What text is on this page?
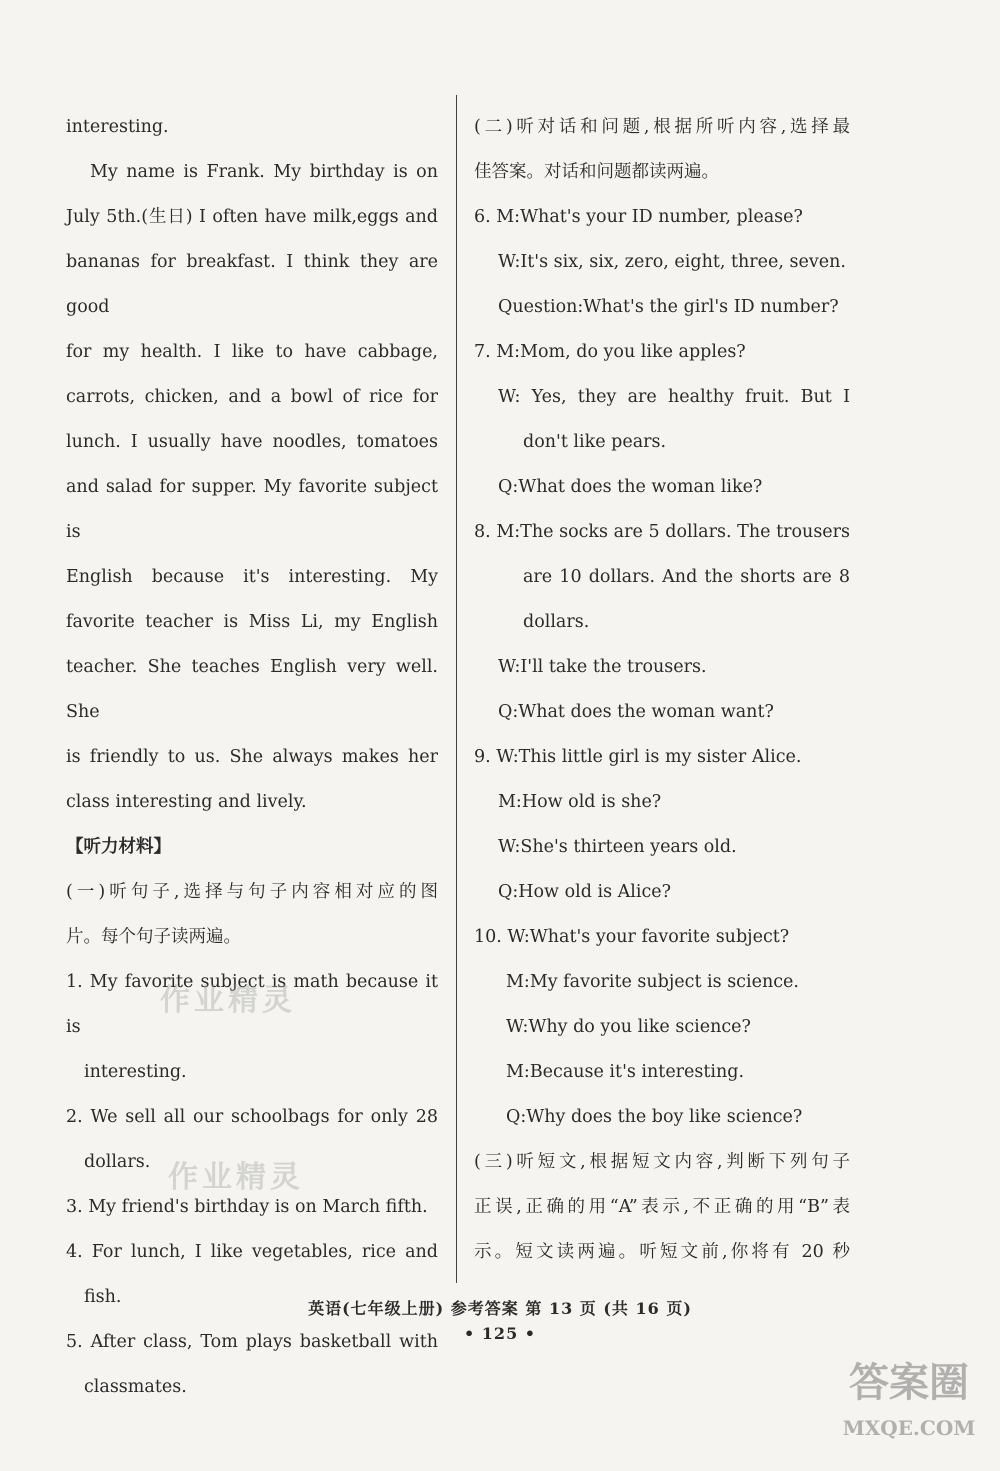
interesting.
My name is Frank. My birthday is on
July 5th.(生日) I often have milk,eggs and
bananas for breakfast. I think they are good
for my health. I like to have cabbage,
carrots, chicken, and a bowl of rice for
lunch. I usually have noodles, tomatoes
and salad for supper. My favorite subject is
English because it's interesting. My
favorite teacher is Miss Li, my English
teacher. She teaches English very well. She
is friendly to us. She always makes her
class interesting and lively.
【听力材料】
(一)听句子,选择与句子内容相对应的图
片。每个句子读两遍。
1. My favorite subject is math because it is
interesting.
2. We sell all our schoolbags for only 28
dollars.
3. My friend's birthday is on March fifth.
4. For lunch, I like vegetables, rice and
fish.
5. After class, Tom plays basketball with
classmates.
(二)听对话和问题,根据所听内容,选择最
佳答案。对话和问题都读两遍。
6. M:What's your ID number, please?
W:It's six, six, zero, eight, three, seven.
Question:What's the girl's ID number?
7. M:Mom, do you like apples?
W: Yes, they are healthy fruit. But I
don't like pears.
Q:What does the woman like?
8. M:The socks are 5 dollars. The trousers
are 10 dollars. And the shorts are 8
dollars.
W:I'll take the trousers.
Q:What does the woman want?
9. W:This little girl is my sister Alice.
M:How old is she?
W:She's thirteen years old.
Q:How old is Alice?
10. W:What's your favorite subject?
M:My favorite subject is science.
W:Why do you like science?
M:Because it's interesting.
Q:Why does the boy like science?
(三)听短文,根据短文内容,判断下列句子
正误,正确的用“A”表示,不正确的用“B”表
示。短文读两遍。听短文前,你将有 20 秒
作业精灵
作业精灵
英语(七年级上册) 参考答案 第 13 页 (共 16 页)
• 125 •
答案圈
MXQE.COM
